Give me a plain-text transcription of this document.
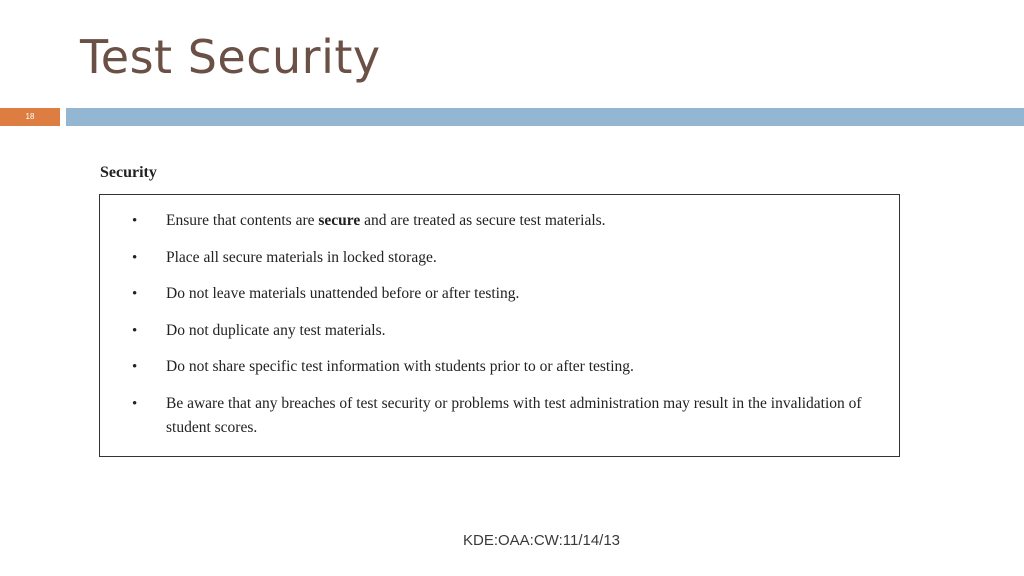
Test Security
18
Security
• Ensure that contents are secure and are treated as secure test materials.
• Place all secure materials in locked storage.
• Do not leave materials unattended before or after testing.
• Do not duplicate any test materials.
• Do not share specific test information with students prior to or after testing.
• Be aware that any breaches of test security or problems with test administration may result in the invalidation of student scores.
KDE:OAA:CW:11/14/13
